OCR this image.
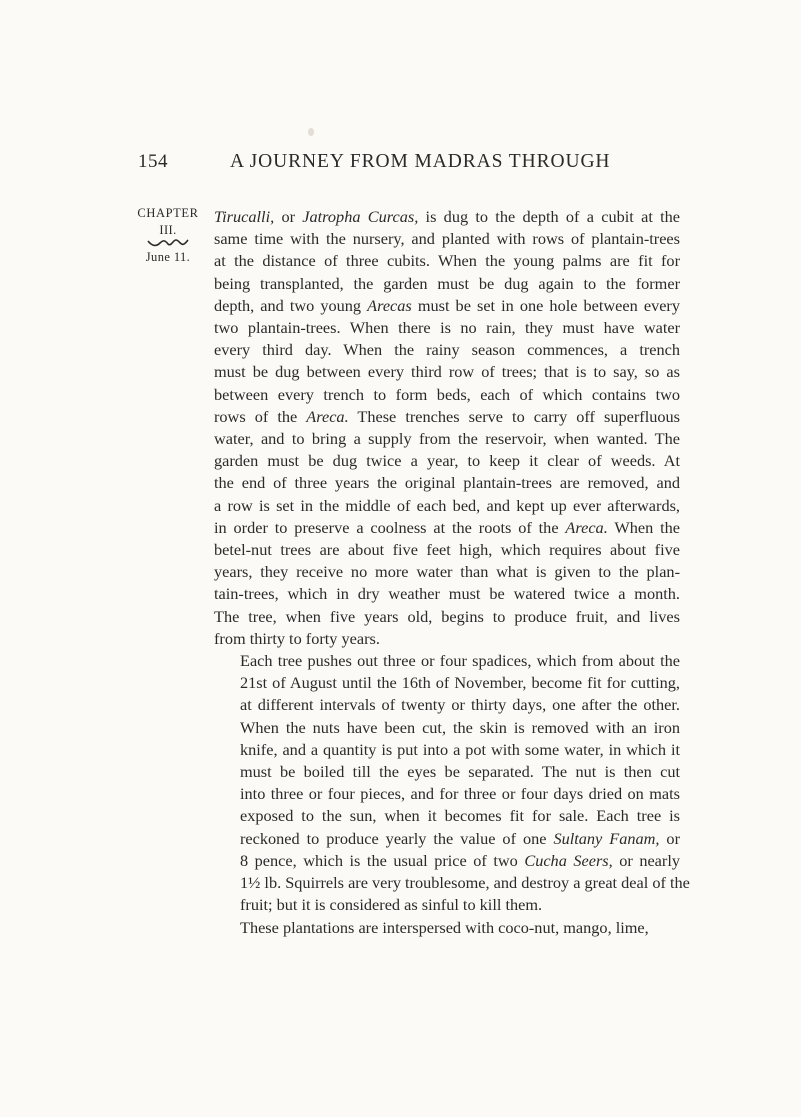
154	A JOURNEY FROM MADRAS THROUGH
CHAPTER
III.
June 11.

Tirucalli, or Jatropha Curcas, is dug to the depth of a cubit at the
same time with the nursery, and planted with rows of plantain-trees
at the distance of three cubits. When the young palms are fit for
being transplanted, the garden must be dug again to the former
depth, and two young Arecas must be set in one hole between every
two plantain-trees. When there is no rain, they must have water
every third day. When the rainy season commences, a trench
must be dug between every third row of trees; that is to say, so as
between every trench to form beds, each of which contains two
rows of the Areca. These trenches serve to carry off superfluous
water, and to bring a supply from the reservoir, when wanted. The
garden must be dug twice a year, to keep it clear of weeds. At
the end of three years the original plantain-trees are removed, and
a row is set in the middle of each bed, and kept up ever afterwards,
in order to preserve a coolness at the roots of the Areca. When the
betel-nut trees are about five feet high, which requires about five
years, they receive no more water than what is given to the plan-
tain-trees, which in dry weather must be watered twice a month.
The tree, when five years old, begins to produce fruit, and lives
from thirty to forty years.

Each tree pushes out three or four spadices, which from about the
21st of August until the 16th of November, become fit for cutting,
at different intervals of twenty or thirty days, one after the other.
When the nuts have been cut, the skin is removed with an iron
knife, and a quantity is put into a pot with some water, in which it
must be boiled till the eyes be separated. The nut is then cut
into three or four pieces, and for three or four days dried on mats
exposed to the sun, when it becomes fit for sale. Each tree is
reckoned to produce yearly the value of one Sultany Fanam, or
8 pence, which is the usual price of two Cucha Seers, or nearly
1½ lb. Squirrels are very troublesome, and destroy a great deal of the
fruit; but it is considered as sinful to kill them.

These plantations are interspersed with coco-nut, mango, lime,
